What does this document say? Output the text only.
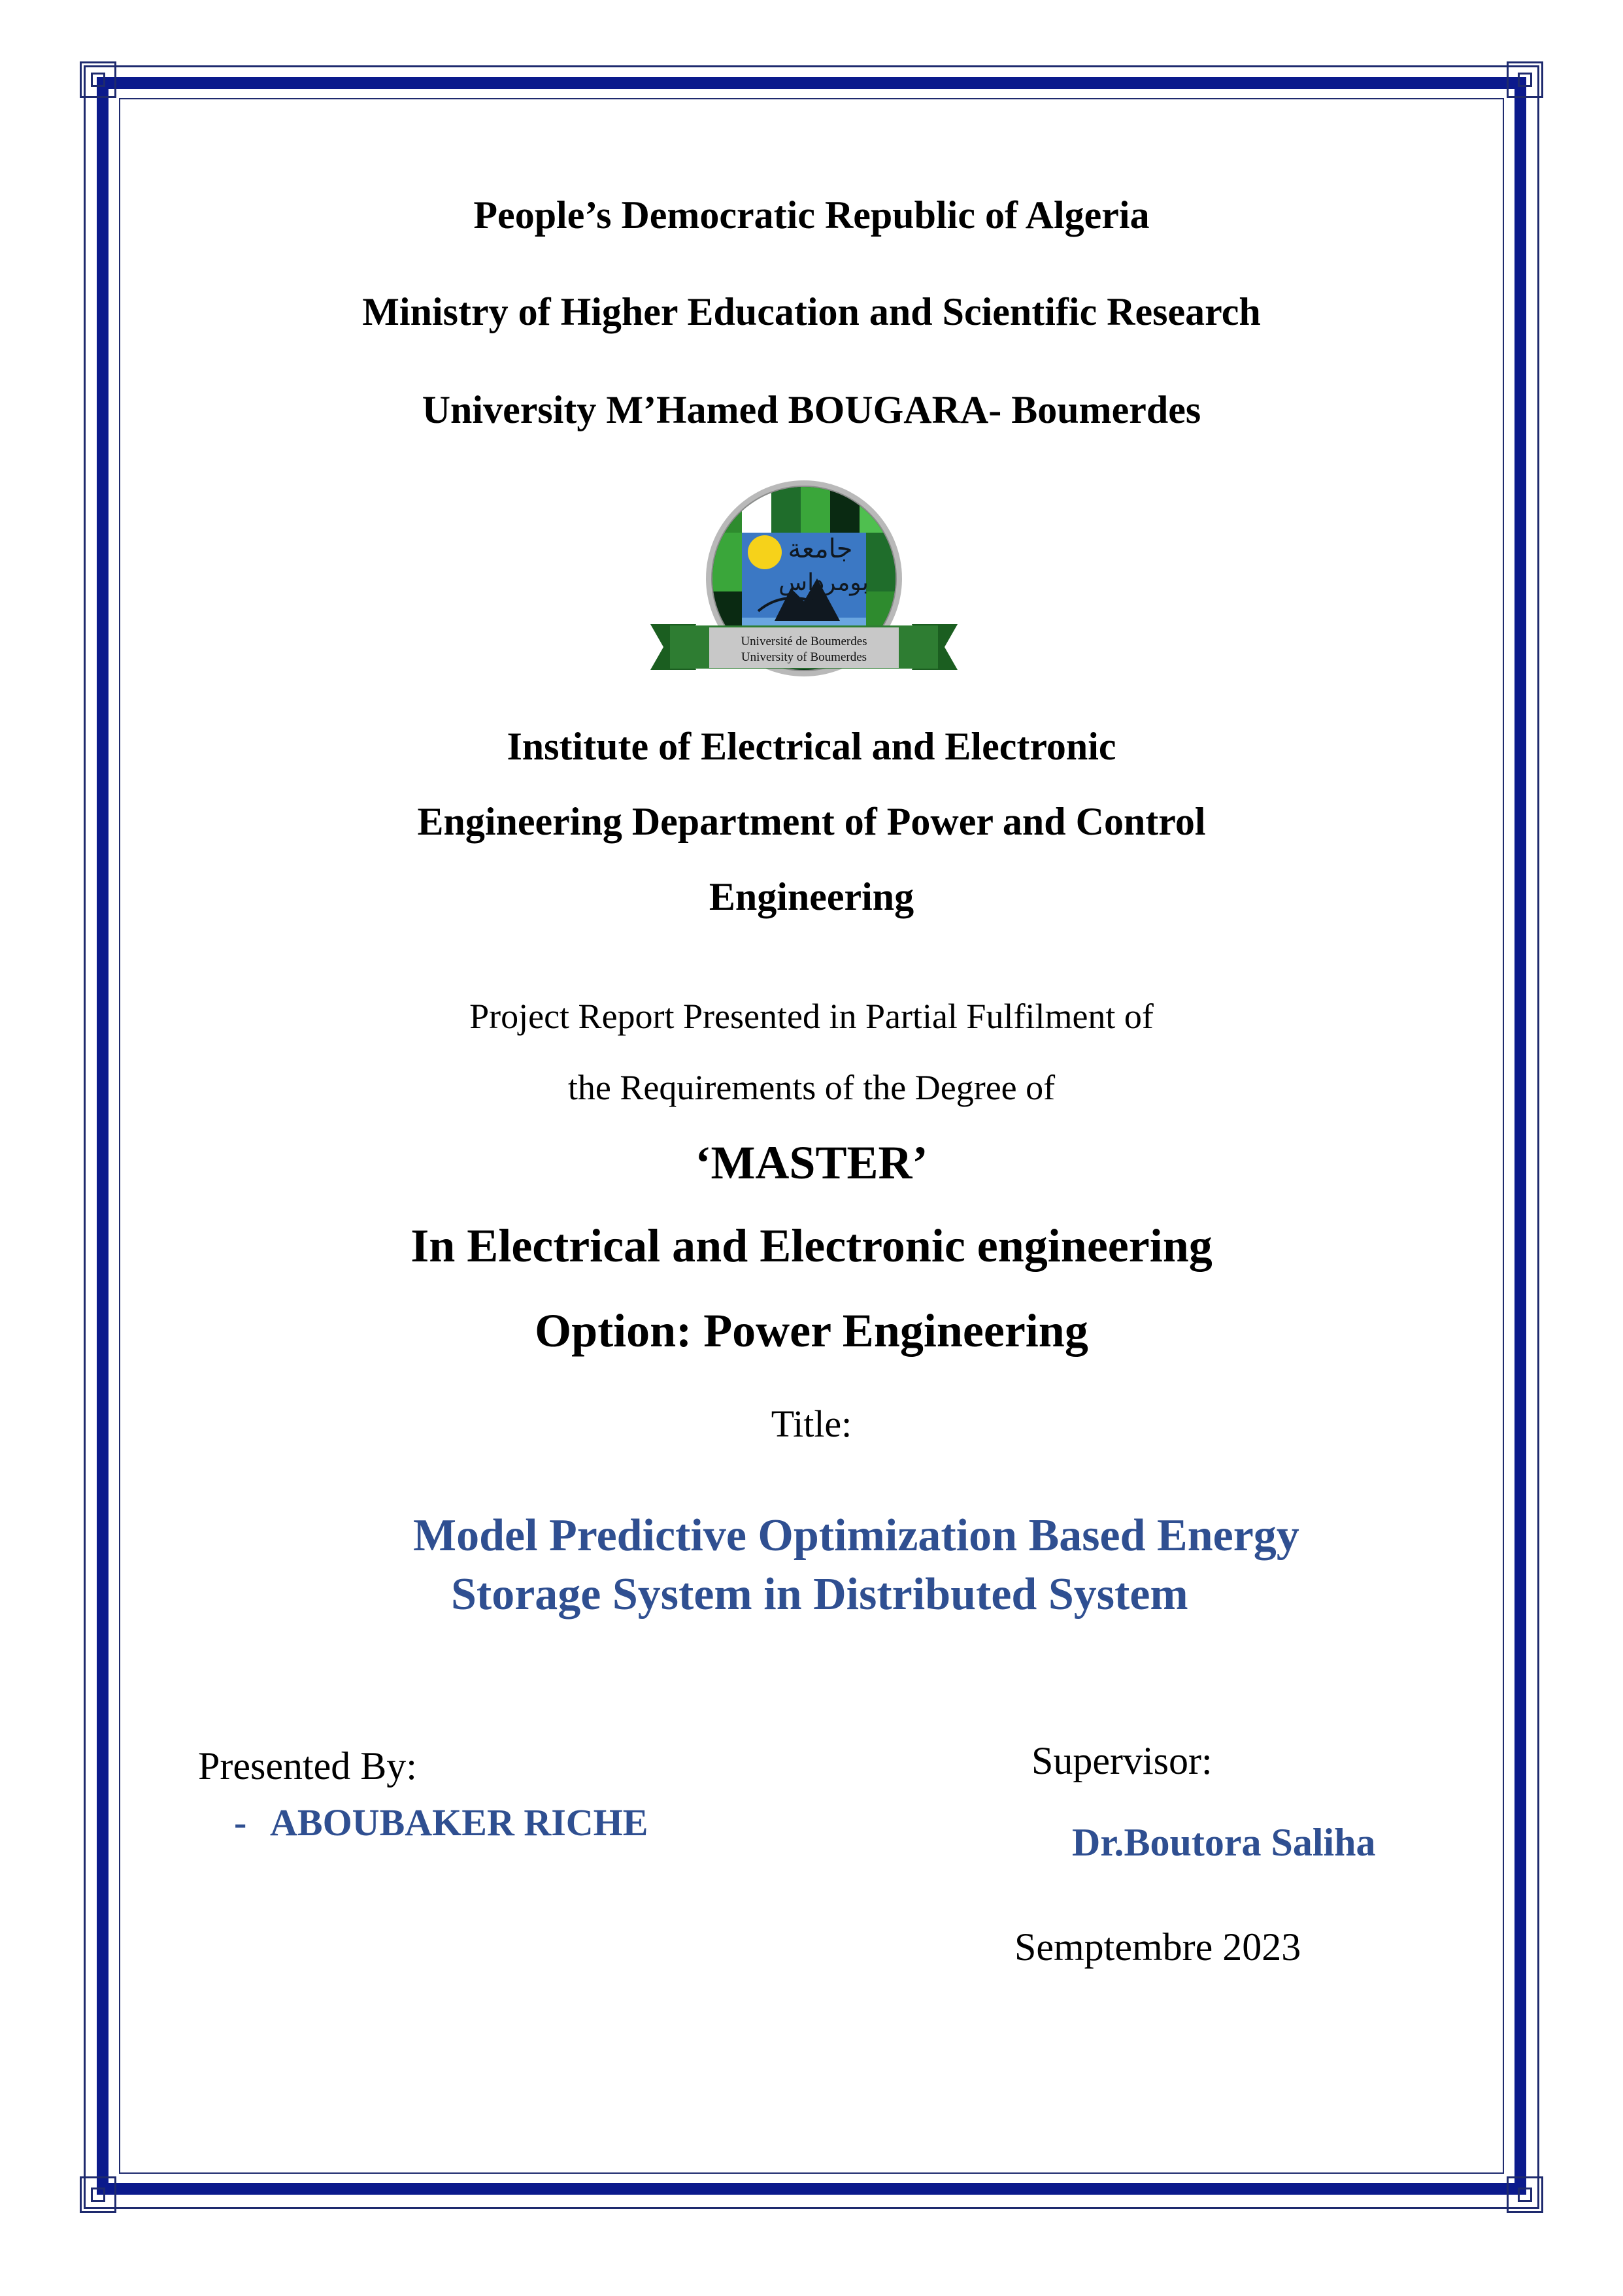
People’s Democratic Republic of Algeria
Ministry of Higher Education and Scientific Research
University M’Hamed BOUGARA- Boumerdes
جامعة
بومرداس
Université de Boumerdes
University of Boumerdes
Institute of Electrical and Electronic
Engineering Department of Power and Control
Engineering
Project Report Presented in Partial Fulfilment of
the Requirements of the Degree of
‘MASTER’
In Electrical and Electronic engineering
Option: Power Engineering
Title:
Model Predictive Optimization Based Energy
Storage System in Distributed System
Presented By:
- ABOUBAKER RICHE
Supervisor:
Dr.Boutora Saliha
Semptembre 2023
